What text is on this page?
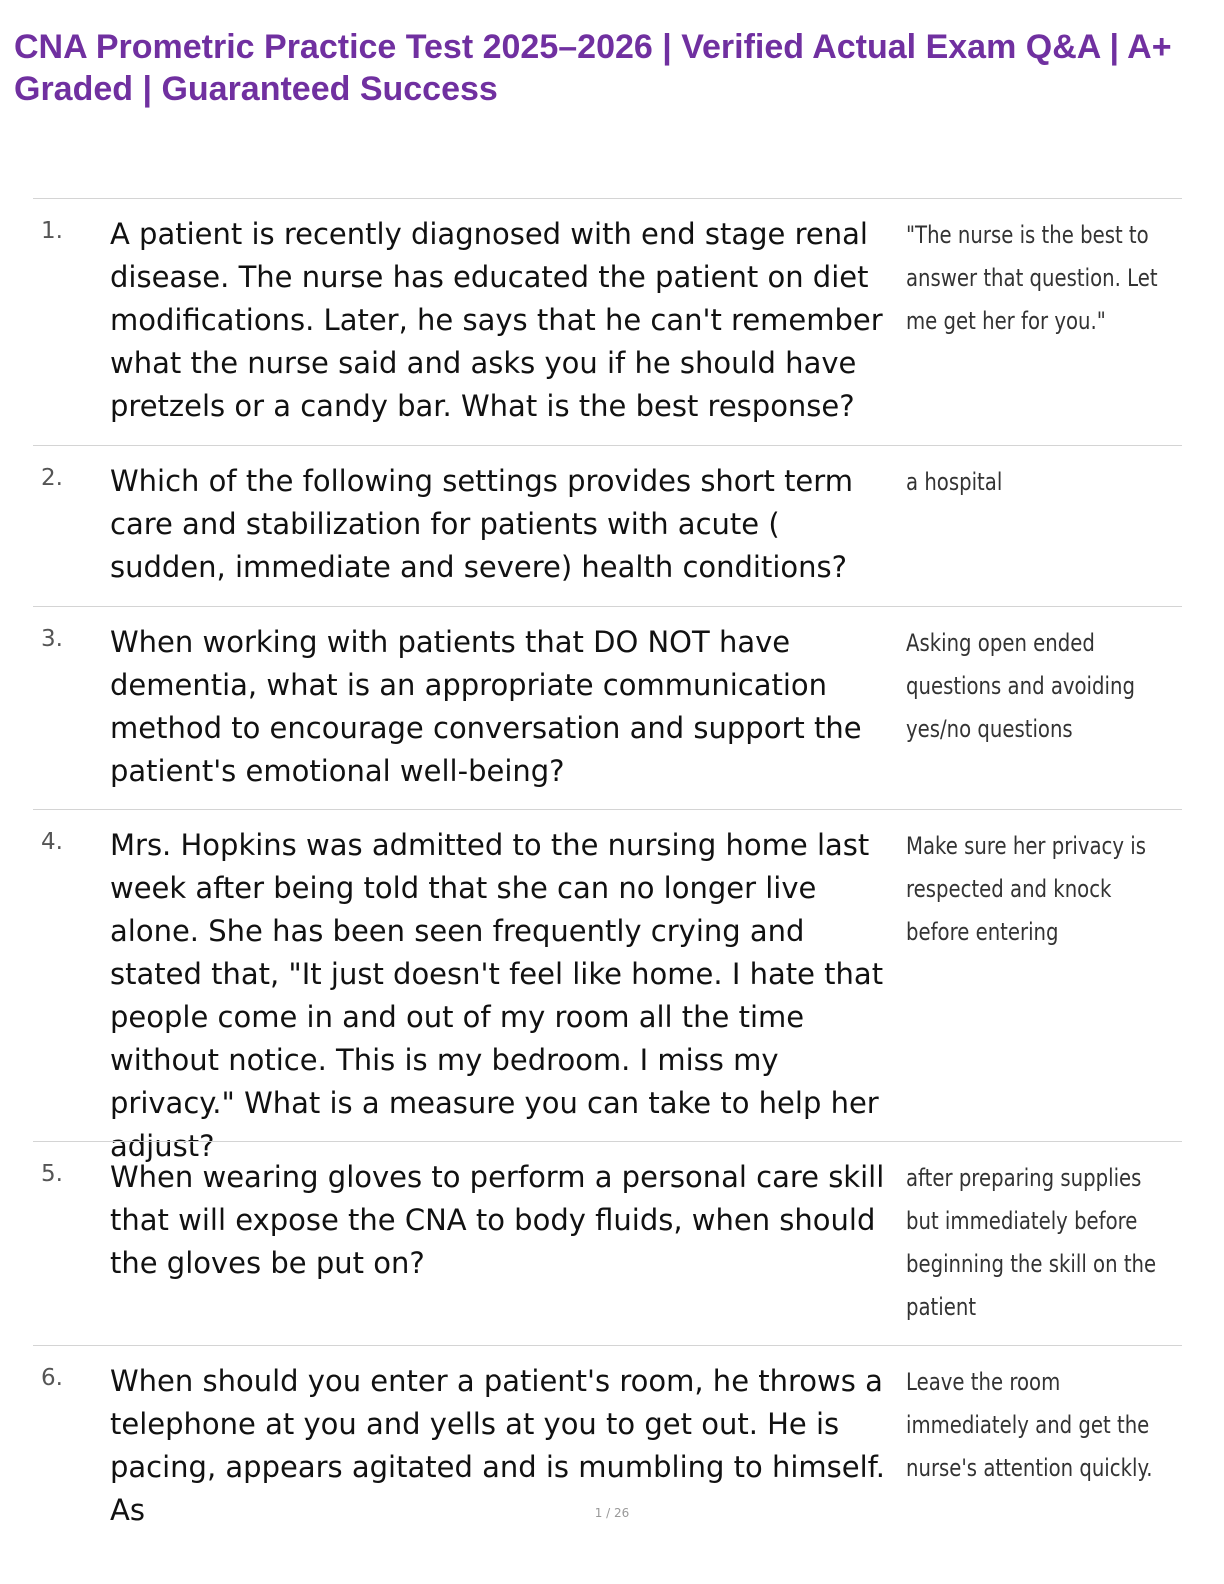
CNA Prometric Practice Test 2025–2026 | Verified Actual Exam Q&A | A+ Graded | Guaranteed Success
1. A patient is recently diagnosed with end stage renal disease. The nurse has educated the patient on diet modifications. Later, he says that he can't remember what the nurse said and asks you if he should have pretzels or a candy bar. What is the best response?
"The nurse is the best to answer that question. Let me get her for you."
2. Which of the following settings provides short term care and stabilization for patients with acute ( sudden, immediate and severe) health conditions?
a hospital
3. When working with patients that DO NOT have dementia, what is an appropriate communication method to encourage conversation and support the patient's emotional well-being?
Asking open ended questions and avoiding yes/no questions
4. Mrs. Hopkins was admitted to the nursing home last week after being told that she can no longer live alone. She has been seen frequently crying and stated that, "It just doesn't feel like home. I hate that people come in and out of my room all the time without notice. This is my bedroom. I miss my privacy." What is a measure you can take to help her adjust?
Make sure her privacy is respected and knock before entering
5. When wearing gloves to perform a personal care skill that will expose the CNA to body fluids, when should the gloves be put on?
after preparing supplies but immediately before beginning the skill on the patient
6. When should you enter a patient's room, he throws a telephone at you and yells at you to get out. He is pacing, appears agitated and is mumbling to himself. As
Leave the room immediately and get the nurse's attention quickly.
1 / 26
